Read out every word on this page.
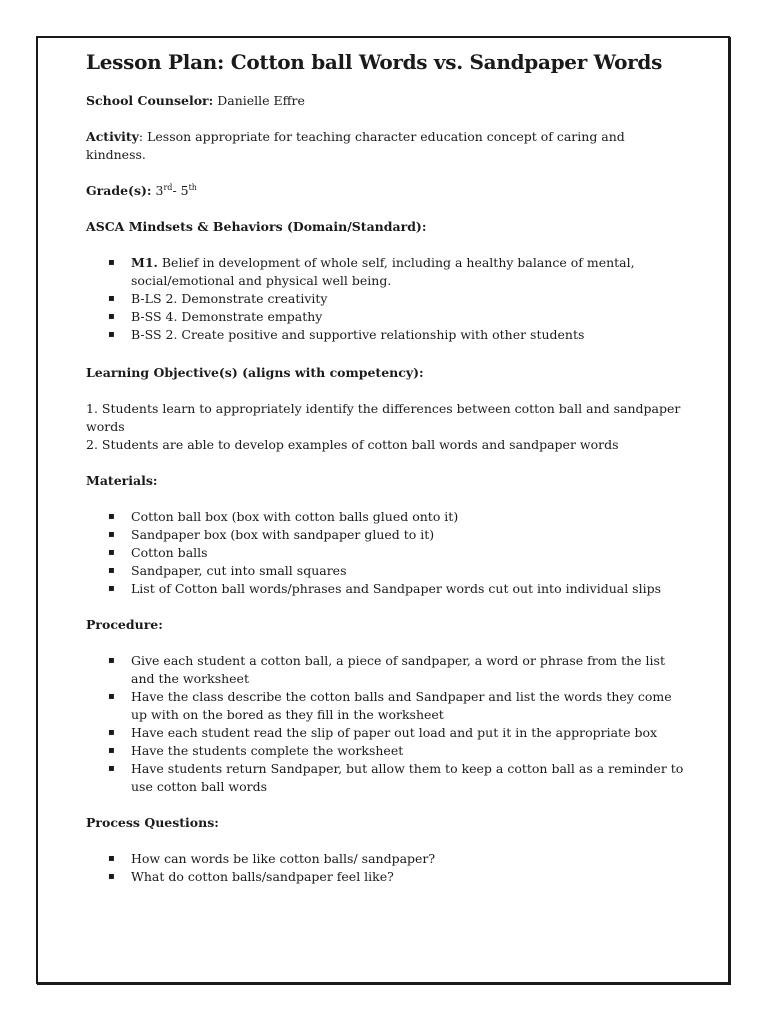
Lesson Plan: Cotton ball Words vs. Sandpaper Words

School Counselor: Danielle Effre

Activity: Lesson appropriate for teaching character education concept of caring and kindness.

Grade(s): 3rd- 5th

ASCA Mindsets & Behaviors (Domain/Standard):

▪ M1. Belief in development of whole self, including a healthy balance of mental, social/emotional and physical well being.
▪ B-LS 2. Demonstrate creativity
▪ B-SS 4. Demonstrate empathy
▪ B-SS 2. Create positive and supportive relationship with other students

Learning Objective(s) (aligns with competency):

1. Students learn to appropriately identify the differences between cotton ball and sandpaper words

2. Students are able to develop examples of cotton ball words and sandpaper words

Materials:

▪ Cotton ball box (box with cotton balls glued onto it)
▪ Sandpaper box (box with sandpaper glued to it)
▪ Cotton balls
▪ Sandpaper, cut into small squares
▪ List of Cotton ball words/phrases and Sandpaper words cut out into individual slips

Procedure:

▪ Give each student a cotton ball, a piece of sandpaper, a word or phrase from the list and the worksheet
▪ Have the class describe the cotton balls and Sandpaper and list the words they come up with on the bored as they fill in the worksheet
▪ Have each student read the slip of paper out load and put it in the appropriate box
▪ Have the students complete the worksheet
▪ Have students return Sandpaper, but allow them to keep a cotton ball as a reminder to use cotton ball words

Process Questions:

▪ How can words be like cotton balls/ sandpaper?
▪ What do cotton balls/sandpaper feel like?
